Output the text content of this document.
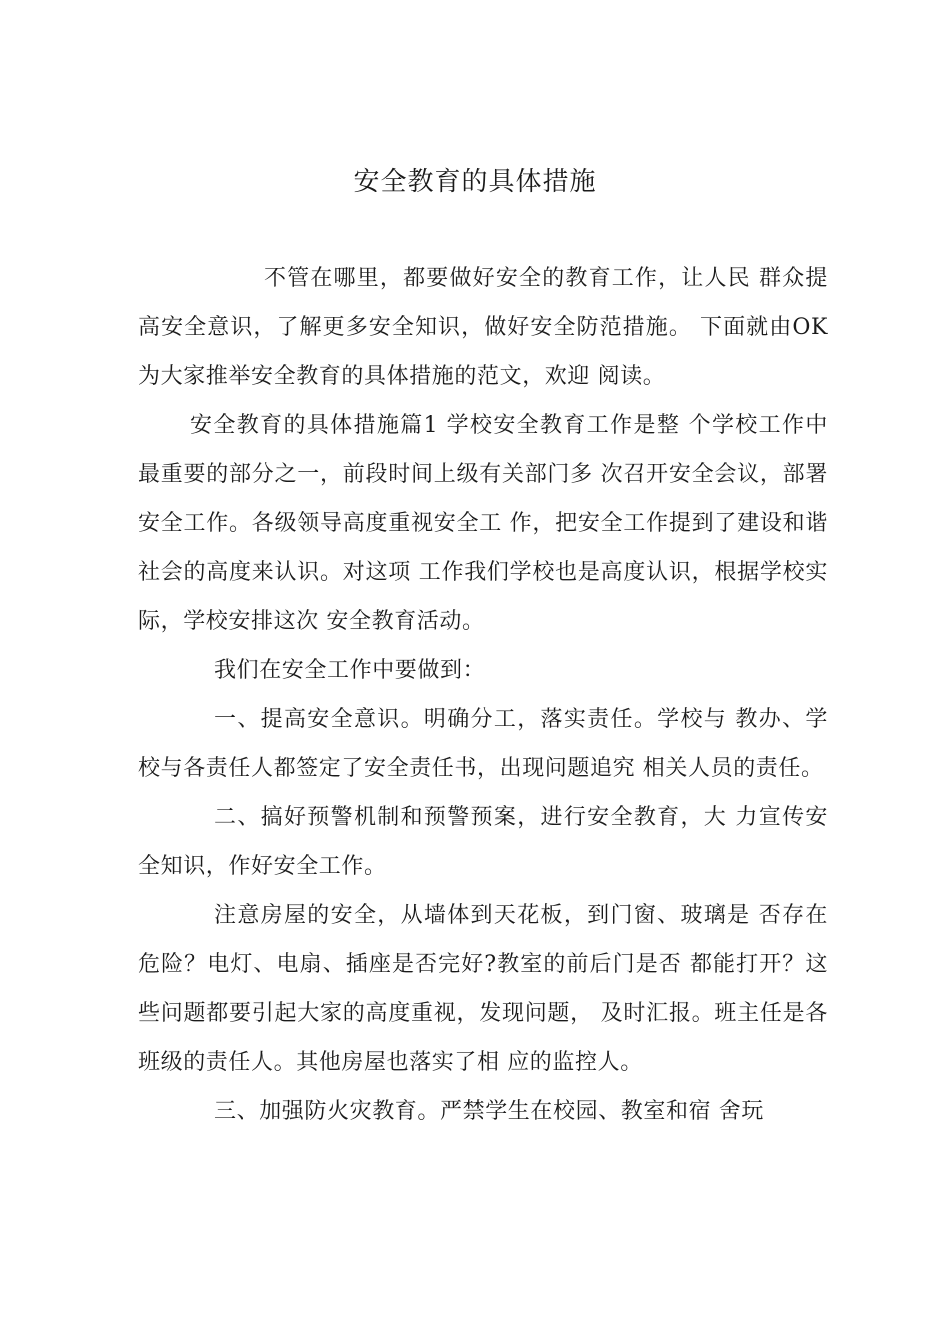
安全教育的具体措施

不管在哪里，都要做好安全的教育工作，让人民 群众提高安全意识，了解更多安全知识，做好安全防范措施。 下面就由OK为大家推举安全教育的具体措施的范文，欢迎 阅读。

安全教育的具体措施篇1 学校安全教育工作是整 个学校工作中最重要的部分之一，前段时间上级有关部门多 次召开安全会议，部署安全工作。各级领导高度重视安全工 作，把安全工作提到了建设和谐社会的高度来认识。对这项 工作我们学校也是高度认识，根据学校实际，学校安排这次 安全教育活动。

我们在安全工作中要做到：

一、提高安全意识。明确分工，落实责任。学校与 教办、学校与各责任人都签定了安全责任书，出现问题追究 相关人员的责任。

二、搞好预警机制和预警预案，进行安全教育，大 力宣传安全知识，作好安全工作。

注意房屋的安全，从墙体到天花板，到门窗、玻璃是 否存在危险？电灯、电扇、插座是否完好?教室的前后门是否 都能打开？这些问题都要引起大家的高度重视，发现问题， 及时汇报。班主任是各班级的责任人。其他房屋也落实了相 应的监控人。

三、加强防火灾教育。严禁学生在校园、教室和宿 舍玩
